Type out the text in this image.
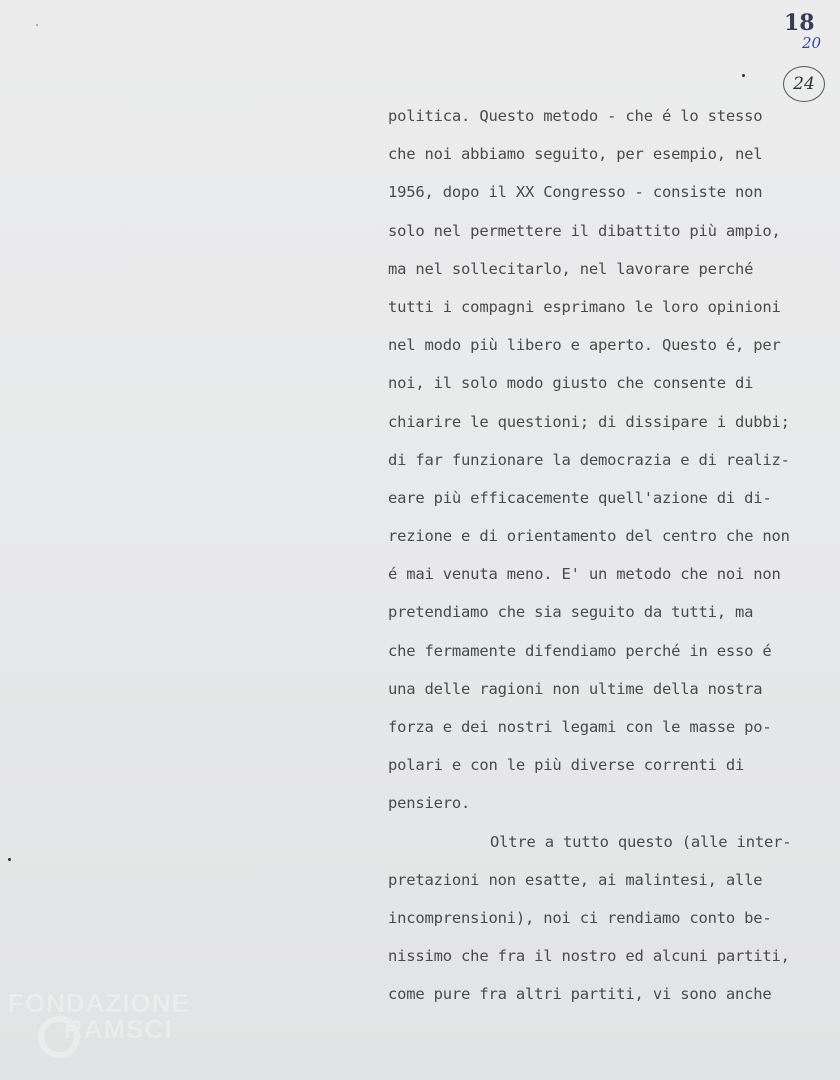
18
20
24
politica. Questo metodo - che é lo stesso
che noi abbiamo seguito, per esempio, nel
1956, dopo il XX Congresso - consiste non
solo nel permettere il dibattito più ampio,
ma nel sollecitarlo, nel lavorare perché
tutti i compagni esprimano le loro opinioni
nel modo più libero e aperto. Questo é, per
noi, il solo modo giusto che consente di
chiarire le questioni; di dissipare i dubbi;
di far funzionare la democrazia e di realiz-
eare più efficacemente quell'azione di di-
rezione e di orientamento del centro che non
é mai venuta meno. E' un metodo che noi non
pretendiamo che sia seguito da tutti, ma
che fermamente difendiamo perché in esso é
una delle ragioni non ultime della nostra
forza e dei nostri legami con le masse po-
polari e con le più diverse correnti di
pensiero.
Oltre a tutto questo (alle inter-
pretazioni non esatte, ai malintesi, alle
incomprensioni), noi ci rendiamo conto be-
nissimo che fra il nostro ed alcuni partiti,
come pure fra altri partiti, vi sono anche
FONDAZIONE
RAMSCI
